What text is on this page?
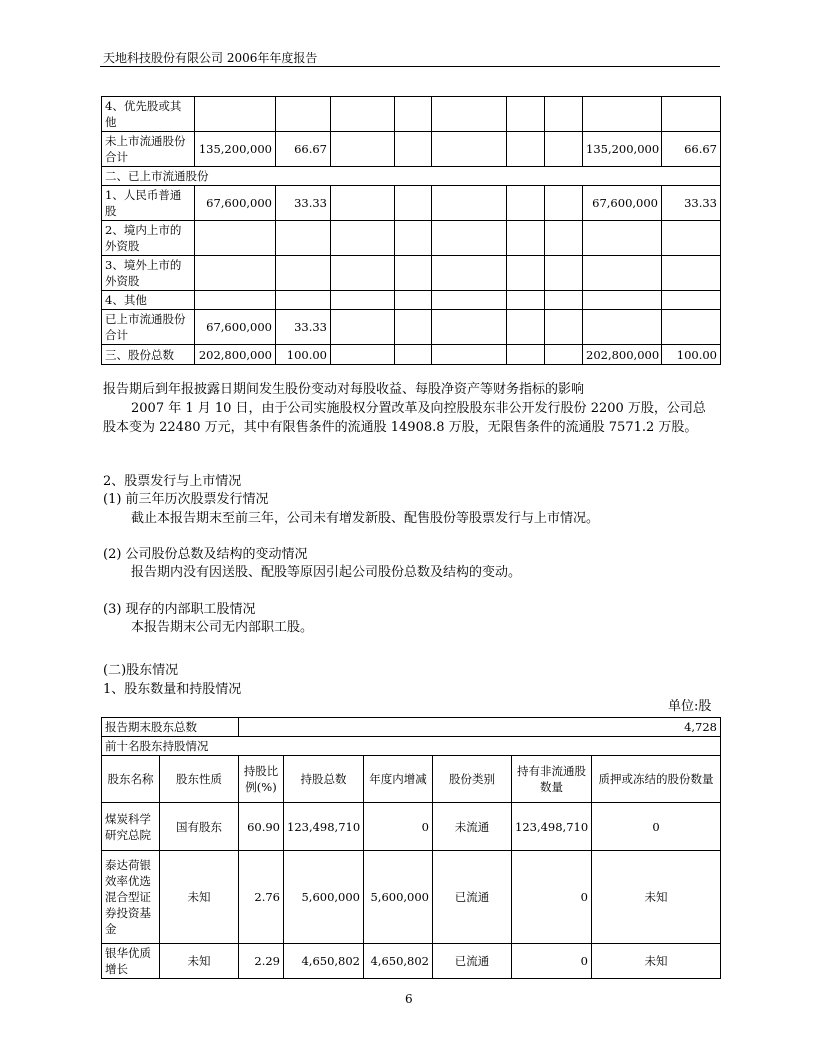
天地科技股份有限公司 2006年年度报告
4、优先股或其他									
未上市流通股份合计	135,200,000	66.67						135,200,000	66.67
二、已上市流通股份									
1、人民币普通股	67,600,000	33.33						67,600,000	33.33
2、境内上市的外资股									
3、境外上市的外资股									
4、其他									
已上市流通股份合计	67,600,000	33.33							
三、股份总数	202,800,000	100.00						202,800,000	100.00

报告期后到年报披露日期间发生股份变动对每股收益、每股净资产等财务指标的影响

2007 年 1 月 10 日，由于公司实施股权分置改革及向控股股东非公开发行股份 2200 万股，公司总

股本变为 22480 万元，其中有限售条件的流通股 14908.8 万股，无限售条件的流通股 7571.2 万股。

2、股票发行与上市情况

(1) 前三年历次股票发行情况

截止本报告期末至前三年，公司未有增发新股、配售股份等股票发行与上市情况。

(2) 公司股份总数及结构的变动情况

报告期内没有因送股、配股等原因引起公司股份总数及结构的变动。

(3) 现存的内部职工股情况

本报告期末公司无内部职工股。

(二)股东情况

1、股东数量和持股情况

单位:股

报告期末股东总数		4,728					
前十名股东持股情况							
股东名称	股东性质	持股比例(%)	持股总数	年度内增减	股份类别	持有非流通股数量	质押或冻结的股份数量
煤炭科学研究总院	国有股东	60.90	123,498,710	0	未流通	123,498,710	0
泰达荷银效率优选混合型证券投资基金	未知	2.76	5,600,000	5,600,000	已流通	0	未知
银华优质增长	未知	2.29	4,650,802	4,650,802	已流通	0	未知
6
